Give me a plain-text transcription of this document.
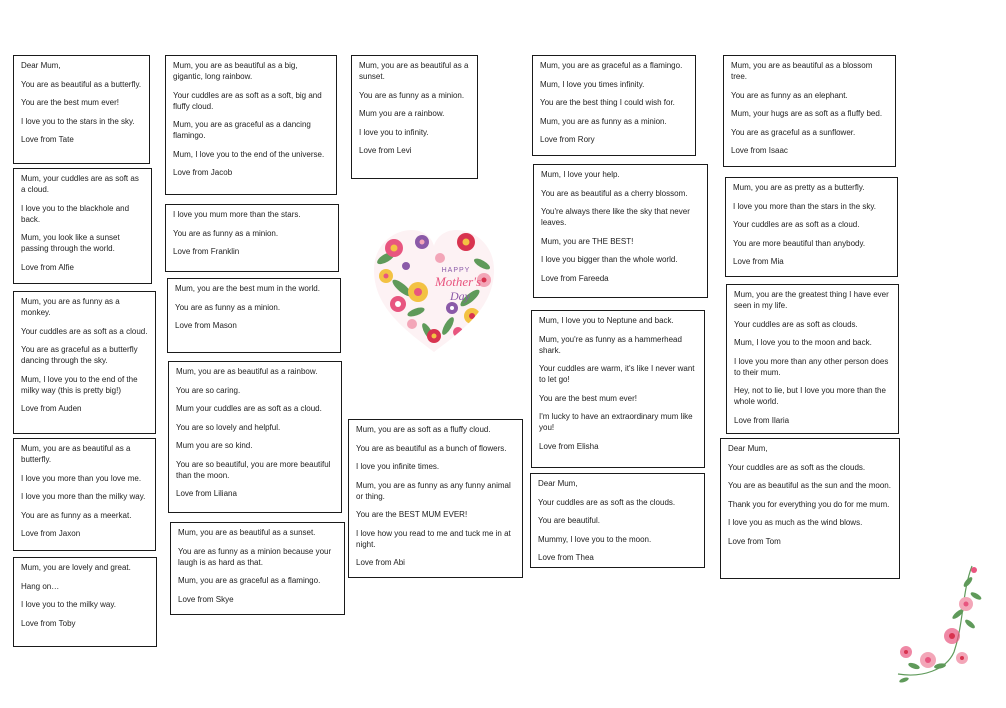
Dear Mum,

You are as beautiful as a butterfly.

You are the best mum ever!

I love you to the stars in the sky.

Love from Tate

Mum, your cuddles are as soft as a cloud.

I love you to the blackhole and back.

Mum, you look like a sunset passing through the world.

Love from Alfie

Mum, you are as funny as a monkey.

Your cuddles are as soft as a cloud.

You are as graceful as a butterfly dancing through the sky.

Mum, I love you to the end of the milky way (this is pretty big!)

Love from Auden

Mum, you are as beautiful as a butterfly.

I love you more than you love me.

I love you more than the milky way.

You are as funny as a meerkat.

Love from Jaxon

Mum, you are lovely and great.

Hang on…

I love you to the milky way.

Love from Toby

Mum, you are as beautiful as a big, gigantic, long rainbow.

Your cuddles are as soft as a soft, big and fluffy cloud.

Mum, you are as graceful as a dancing flamingo.

Mum, I love you to the end of the universe.

Love from Jacob

I love you mum more than the stars.

You are as funny as a minion.

Love from Franklin

Mum, you are the best mum in the world.

You are as funny as a minion.

Love from Mason

Mum, you are as beautiful as a rainbow.

You are so caring.

Mum your cuddles are as soft as a cloud.

You are so lovely and helpful.

Mum you are so kind.

You are so beautiful, you are more beautiful than the moon.

Love from Liliana

Mum, you are as beautiful as a sunset.

You are as funny as a minion because your laugh is as hard as that.

Mum, you are as graceful as a flamingo.

Love from Skye

Mum, you are as beautiful as a sunset.

You are as funny as a minion.

Mum you are a rainbow.

I love you to infinity.

Love from Levi

Mum, you are as soft as a fluffy cloud.

You are as beautiful as a bunch of flowers.

I love you infinite times.

Mum, you are as funny as any funny animal or thing.

You are the BEST MUM EVER!

I love how you read to me and tuck me in at night.

Love from Abi

Mum, you are as graceful as a flamingo.

Mum, I love you times infinity.

You are the best thing I could wish for.

Mum, you are as funny as a minion.

Love from Rory

Mum, I love your help.

You are as beautiful as a cherry blossom.

You're always there like the sky that never leaves.

Mum, you are THE BEST!

I love you bigger than the whole world.

Love from Fareeda

Mum, I love you to Neptune and back.

Mum, you're as funny as a hammerhead shark.

Your cuddles are warm, it's like I never want to let go!

You are the best mum ever!

I'm lucky to have an extraordinary mum like you!

Love from Elisha

Dear Mum,

Your cuddles are as soft as the clouds.

You are beautiful.

Mummy, I love you to the moon.

Love from Thea

Mum, you are as beautiful as a blossom tree.

You are as funny as an elephant.

Mum, your hugs are as soft as a fluffy bed.

You are as graceful as a sunflower.

Love from Isaac

Mum, you are as pretty as a butterfly.

I love you more than the stars in the sky.

Your cuddles are as soft as a cloud.

You are more beautiful than anybody.

Love from Mia

Mum, you are the greatest thing I have ever seen in my life.

Your cuddles are as soft as clouds.

Mum, I love you to the moon and back.

I love you more than any other person does to their mum.

Hey, not to lie, but I love you more than the whole world.

Love from Ilaria

Dear Mum,

Your cuddles are as soft as the clouds.

You are as beautiful as the sun and the moon.

Thank you for everything you do for me mum.

I love you as much as the wind blows.

Love from Tom

HAPPY
Mother's
Day
